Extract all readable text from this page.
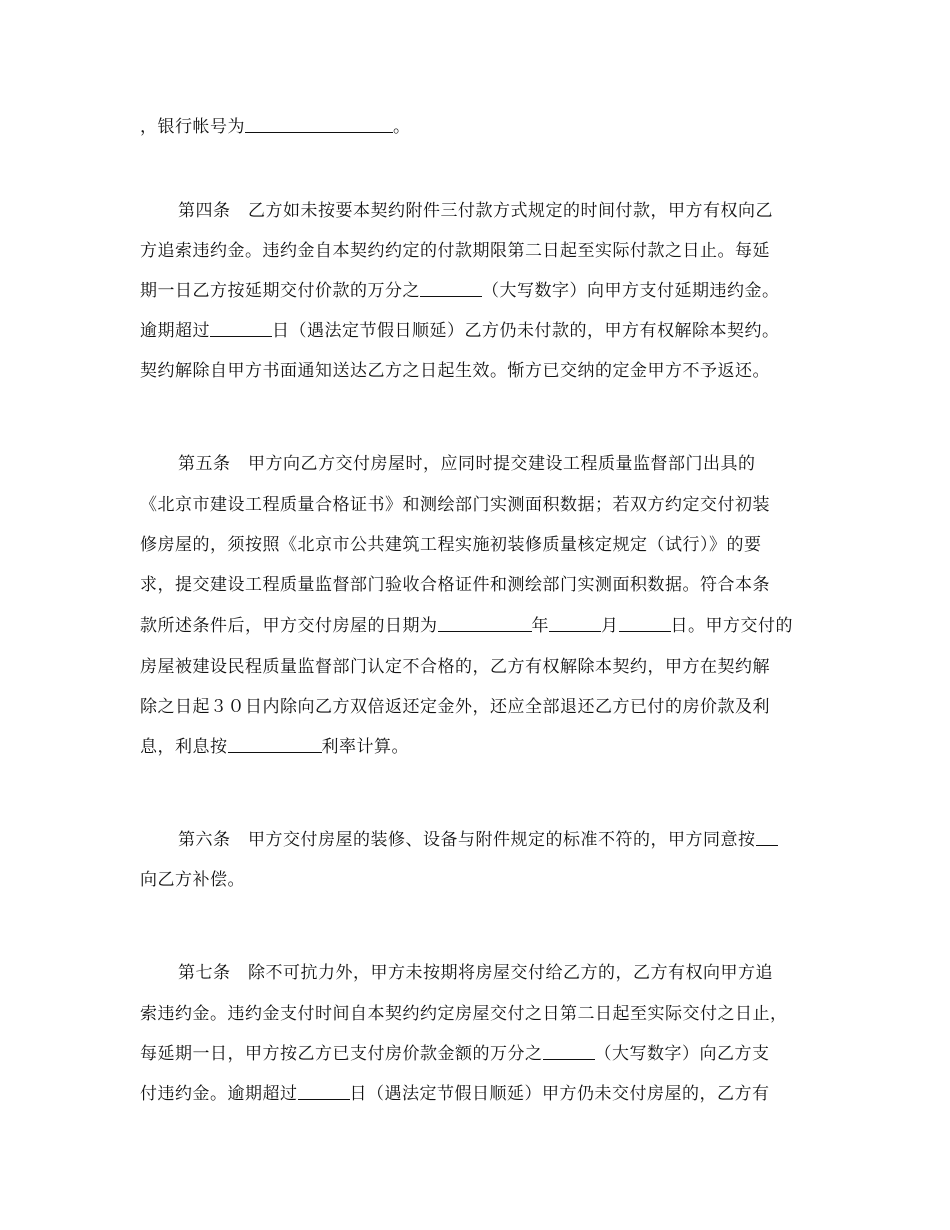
，银行帐号为	。
第四条　乙方如未按要本契约附件三付款方式规定的时间付款，甲方有权向乙
方追索违约金。违约金自本契约约定的付款期限第二日起至实际付款之日止。每延
期一日乙方按延期交付价款的万分之	（大写数字）向甲方支付延期违约金。
逾期超过	日（遇法定节假日顺延）乙方仍未付款的，甲方有权解除本契约。
契约解除自甲方书面通知送达乙方之日起生效。惭方已交纳的定金甲方不予返还。
第五条　甲方向乙方交付房屋时，应同时提交建设工程质量监督部门出具的
《北京市建设工程质量合格证书》和测绘部门实测面积数据；若双方约定交付初装
修房屋的，须按照《北京市公共建筑工程实施初装修质量核定规定（试行）》的要
求，提交建设工程质量监督部门验收合格证件和测绘部门实测面积数据。符合本条
款所述条件后，甲方交付房屋的日期为	年	月	日。甲方交付的
房屋被建设民程质量监督部门认定不合格的，乙方有权解除本契约，甲方在契约解
除之日起３０日内除向乙方双倍返还定金外，还应全部退还乙方已付的房价款及利
息，利息按	利率计算。
第六条　甲方交付房屋的装修、设备与附件规定的标准不符的，甲方同意按
向乙方补偿。
第七条　除不可抗力外，甲方未按期将房屋交付给乙方的，乙方有权向甲方追
索违约金。违约金支付时间自本契约约定房屋交付之日第二日起至实际交付之日止，
每延期一日，甲方按乙方已支付房价款金额的万分之	（大写数字）向乙方支
付违约金。逾期超过	日（遇法定节假日顺延）甲方仍未交付房屋的，乙方有
